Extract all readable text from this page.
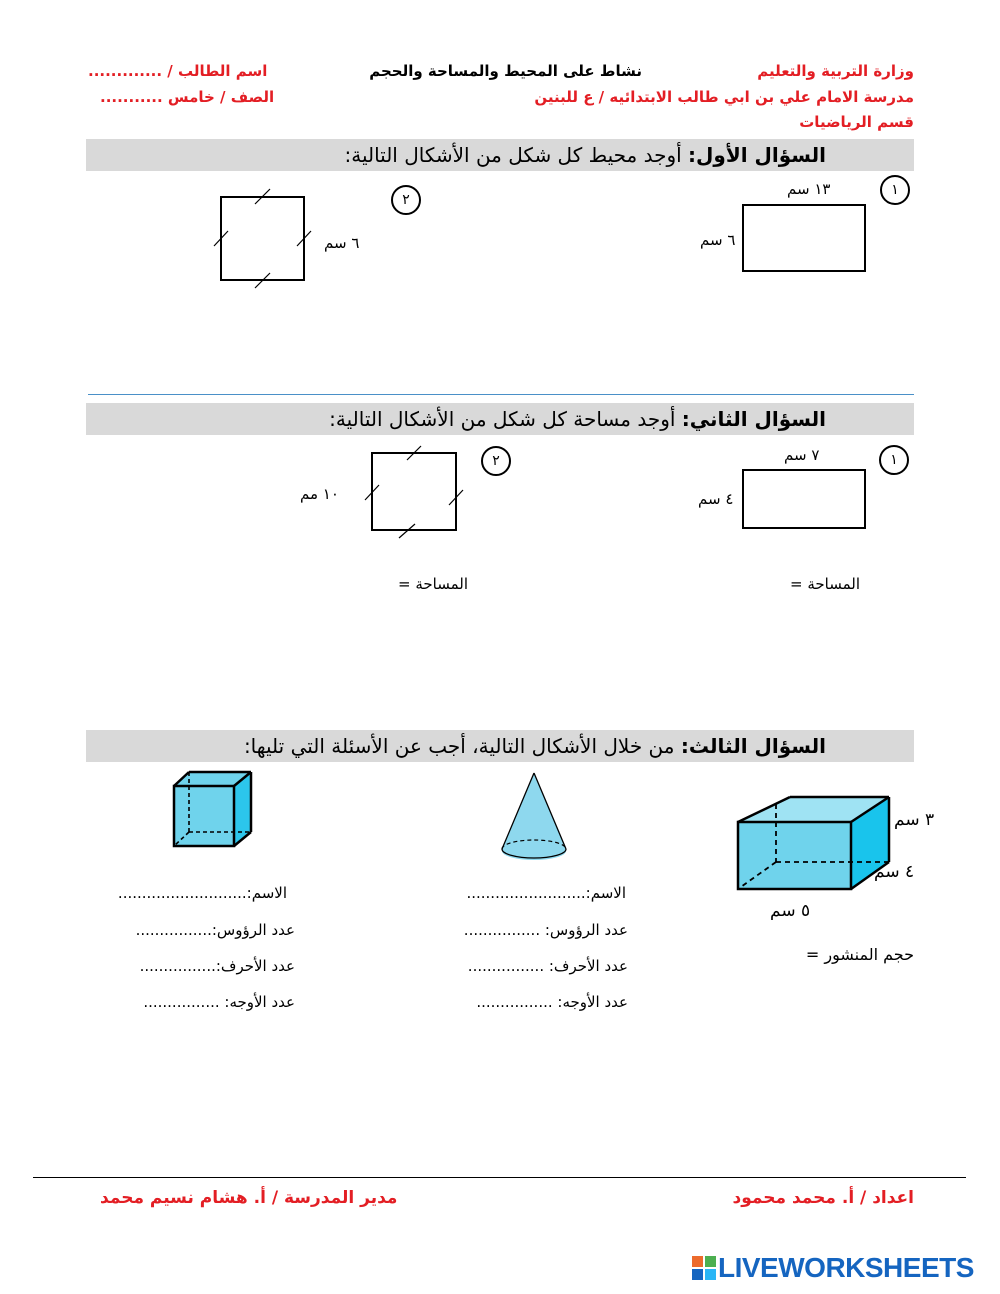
وزارة التربية والتعليم
مدرسة الامام علي بن ابي طالب الابتدائيه / ع للبنين
قسم الرياضيات
نشاط على المحيط والمساحة والحجم
اسم الطالب / .............
الصف / خامس ...........
السؤال الأول: أوجد محيط كل شكل من الأشكال التالية:
١
١٣ سم
٦ سم
٢
٦ سم
السؤال الثاني: أوجد مساحة كل شكل من الأشكال التالية:
١
٧ سم
٤ سم
المساحة =
٢
١٠ مم
المساحة =
السؤال الثالث: من خلال الأشكال التالية، أجب عن الأسئلة التي تليها:
٣ سم
٤ سم
٥ سم
حجم المنشور =
الاسم:.........................
عدد الرؤوس: ................
عدد الأحرف: ................
عدد الأوجه: ................
الاسم:...........................
عدد الرؤوس:................
عدد الأحرف:................
عدد الأوجه: ................
اعداد / أ. محمد محمود
مدير المدرسة / أ. هشام نسيم محمد
LIVEWORKSHEETS
